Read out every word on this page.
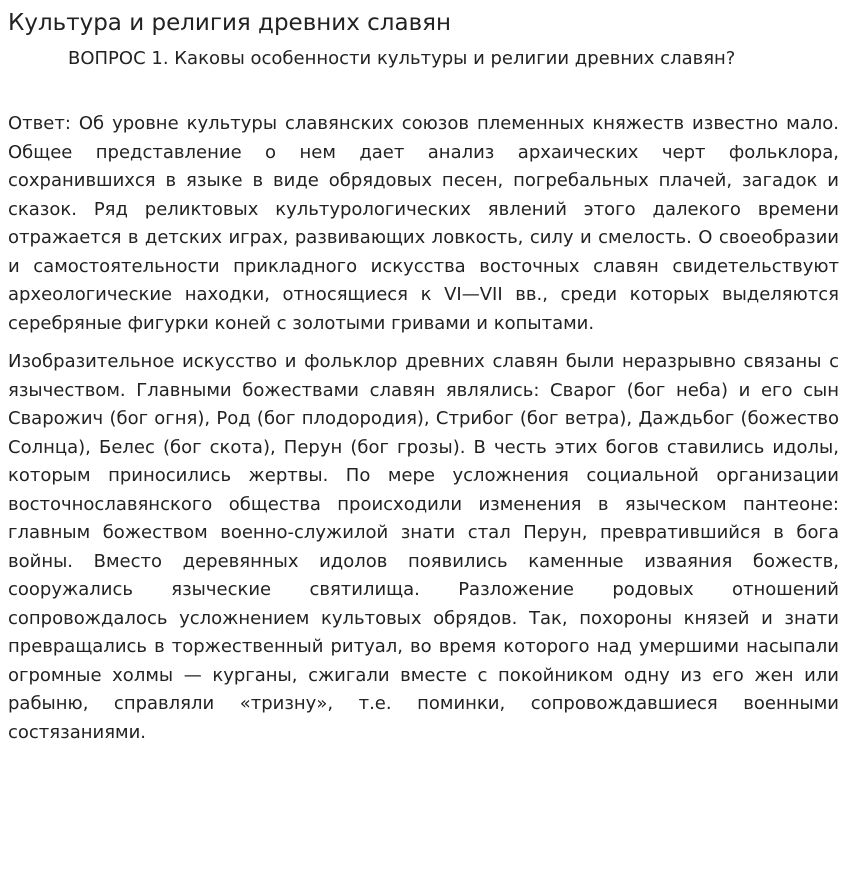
Культура и религия древних славян

ВОПРОС 1. Каковы особенности культуры и религии древних славян?

Ответ: Об уровне культуры славянских союзов племенных княжеств известно мало. Общее представление о нем дает анализ архаических черт фольклора, сохранившихся в языке в виде обрядовых песен, погребальных плачей, загадок и сказок. Ряд реликтовых культурологических явлений этого далекого времени отражается в детских играх, развивающих ловкость, силу и смелость. О своеобразии и самостоятельности прикладного искусства восточных славян свидетельствуют археологические находки, относящиеся к VI—VII вв., среди которых выделяются серебряные фигурки коней с золотыми гривами и копытами.

Изобразительное искусство и фольклор древних славян были неразрывно связаны с язычеством. Главными божествами славян являлись: Сварог (бог неба) и его сын Сварожич (бог огня), Род (бог плодородия), Стрибог (бог ветра), Даждьбог (божество Солнца), Белес (бог скота), Перун (бог грозы). В честь этих богов ставились идолы, которым приносились жертвы. По мере усложнения социальной организации восточнославянского общества происходили изменения в языческом пантеоне: главным божеством военно-служилой знати стал Перун, превратившийся в бога войны. Вместо деревянных идолов появились каменные изваяния божеств, сооружались языческие святилища. Разложение родовых отношений сопровождалось усложнением культовых обрядов. Так, похороны князей и знати превращались в торжественный ритуал, во время которого над умершими насыпали огромные холмы — курганы, сжигали вместе с покойником одну из его жен или рабыню, справляли «тризну», т.е. поминки, сопровождавшиеся военными состязаниями.
